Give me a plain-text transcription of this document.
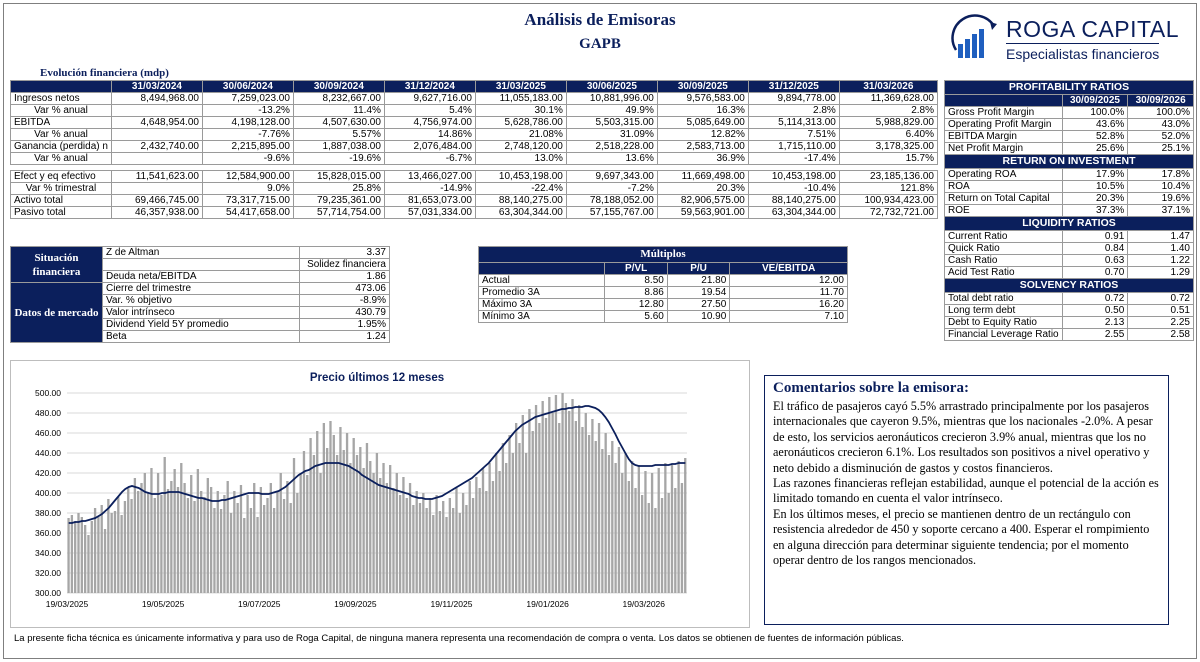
Análisis de Emisoras
GAPB
ROGA CAPITAL
Especialistas financieros
Evolución financiera (mdp)
	31/03/2024	30/06/2024	30/09/2024	31/12/2024	31/03/2025	30/06/2025	30/09/2025	31/12/2025	31/03/2026
Ingresos netos	8,494,968.00	7,259,023.00	8,232,667.00	9,627,716.00	11,055,183.00	10,881,996.00	9,576,583.00	9,894,778.00	11,369,628.00
Var % anual		-13.2%	11.4%	5.4%	30.1%	49.9%	16.3%	2.8%	2.8%
EBITDA	4,648,954.00	4,198,128.00	4,507,630.00	4,756,974.00	5,628,786.00	5,503,315.00	5,085,649.00	5,114,313.00	5,988,829.00
Var % anual		-7.76%	5.57%	14.86%	21.08%	31.09%	12.82%	7.51%	6.40%
Ganancia (perdida) n	2,432,740.00	2,215,895.00	1,887,038.00	2,076,484.00	2,748,120.00	2,518,228.00	2,583,713.00	1,715,110.00	3,178,325.00
Var % anual		-9.6%	-19.6%	-6.7%	13.0%	13.6%	36.9%	-17.4%	15.7%

Efect y eq efectivo	11,541,623.00	12,584,900.00	15,828,015.00	13,466,027.00	10,453,198.00	9,697,343.00	11,669,498.00	10,453,198.00	23,185,136.00
Var % trimestral		9.0%	25.8%	-14.9%	-22.4%	-7.2%	20.3%	-10.4%	121.8%
Activo total	69,466,745.00	73,317,715.00	79,235,361.00	81,653,073.00	88,140,275.00	78,188,052.00	82,906,575.00	88,140,275.00	100,934,423.00
Pasivo total	46,357,938.00	54,417,658.00	57,714,754.00	57,031,334.00	63,304,344.00	57,155,767.00	59,563,901.00	63,304,344.00	72,732,721.00
PROFITABILITY RATIOS		
	30/09/2025	30/09/2026
Gross Profit Margin	100.0%	100.0%
Operating Profit Margin	43.6%	43.0%
EBITDA Margin	52.8%	52.0%
Net Profit Margin	25.6%	25.1%
RETURN ON INVESTMENT		
Operating ROA	17.9%	17.8%
ROA	10.5%	10.4%
Return on Total Capital	20.3%	19.6%
ROE	37.3%	37.1%
LIQUIDITY RATIOS		
Current Ratio	0.91	1.47
Quick Ratio	0.84	1.40
Cash Ratio	0.63	1.22
Acid Test Ratio	0.70	1.29
SOLVENCY RATIOS		
Total debt ratio	0.72	0.72
Long term debt	0.50	0.51
Debt to Equity Ratio	2.13	2.25
Financial Leverage Ratio	2.55	2.58
Situación financiera	Z de Altman	3.37
		Solidez financiera
	Deuda neta/EBITDA	1.86
Datos de mercado	Cierre del trimestre	473.06
	Var. % objetivo	-8.9%
	Valor intrínseco	430.79
	Dividend Yield 5Y promedio	1.95%
	Beta	1.24
Múltiplos			
	P/VL	P/U	VE/EBITDA
Actual	8.50	21.80	12.00
Promedio 3A	8.86	19.54	11.70
Máximo 3A	12.80	27.50	16.20
Mínimo 3A	5.60	10.90	7.10
Precio últimos 12 meses
300.00
320.00
340.00
360.00
380.00
400.00
420.00
440.00
460.00
480.00
500.00
19/03/2025	19/05/2025	19/07/2025	19/09/2025	19/11/2025	19/01/2026	19/03/2026
Comentarios sobre la emisora:

El tráfico de pasajeros cayó 5.5% arrastrado principalmente por los pasajeros internacionales que cayeron 9.5%, mientras que los nacionales -2.0%. A pesar de esto, los servicios aeronáuticos crecieron 3.9% anual, mientras que los no aeronáuticos crecieron 6.1%. Los resultados son positivos a nivel operativo y neto debido a disminución de gastos y costos financieros.

Las razones financieras reflejan estabilidad, aunque el potencial de la acción es limitado tomando en cuenta el valor intrínseco.

En los últimos meses, el precio se mantienen dentro de un rectángulo con resistencia alrededor de 450 y soporte cercano a 400. Esperar el rompimiento en alguna dirección para determinar siguiente tendencia; por el momento operar dentro de los rangos mencionados.

La presente ficha técnica es únicamente informativa y para uso de Roga Capital, de ninguna manera representa una recomendación de compra o venta. Los datos se obtienen de fuentes de información públicas.
